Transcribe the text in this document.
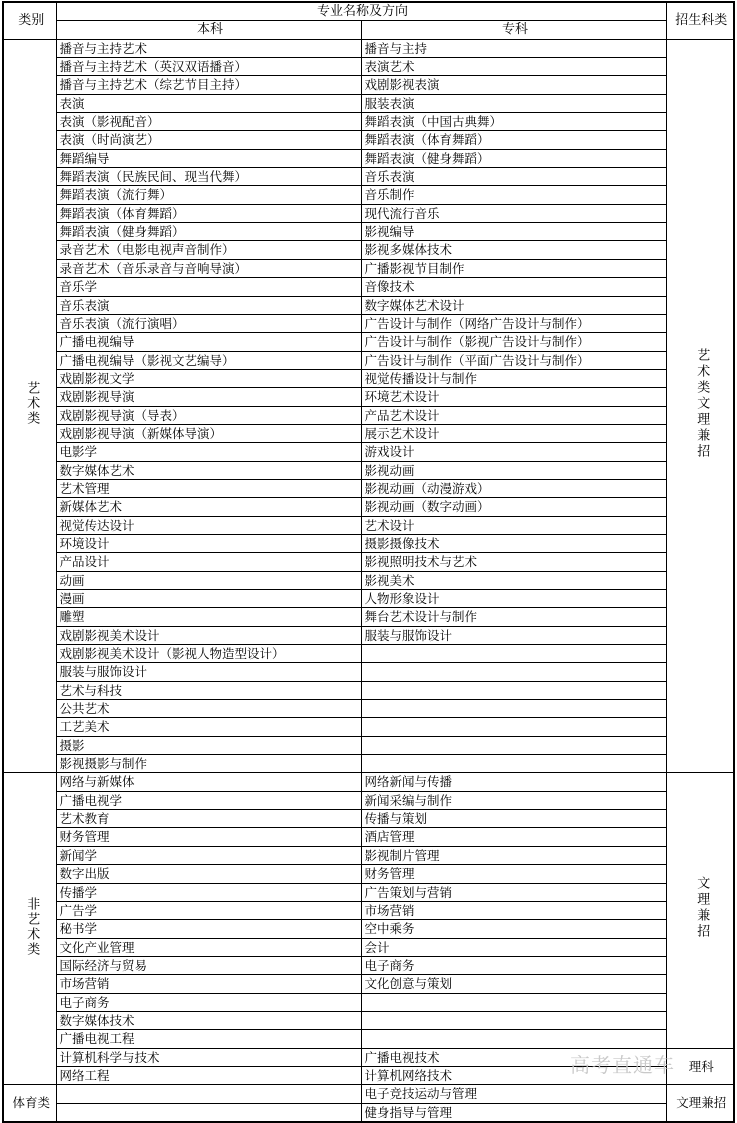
类别	专业名称及方向		招生科类
	本科	专科	
艺术类	播音与主持艺术	播音与主持	艺术类文理兼招
	播音与主持艺术（英汉双语播音）	表演艺术	
	播音与主持艺术（综艺节目主持）	戏剧影视表演	
	表演	服装表演	
	表演（影视配音）	舞蹈表演（中国古典舞）	
	表演（时尚演艺）	舞蹈表演（体育舞蹈）	
	舞蹈编导	舞蹈表演（健身舞蹈）	
	舞蹈表演（民族民间、现当代舞）	音乐表演	
	舞蹈表演（流行舞）	音乐制作	
	舞蹈表演（体育舞蹈）	现代流行音乐	
	舞蹈表演（健身舞蹈）	影视编导	
	录音艺术（电影电视声音制作）	影视多媒体技术	
	录音艺术（音乐录音与音响导演）	广播影视节目制作	
	音乐学	音像技术	
	音乐表演	数字媒体艺术设计	
	音乐表演（流行演唱）	广告设计与制作（网络广告设计与制作）	
	广播电视编导	广告设计与制作（影视广告设计与制作）	
	广播电视编导（影视文艺编导）	广告设计与制作（平面广告设计与制作）	
	戏剧影视文学	视觉传播设计与制作	
	戏剧影视导演	环境艺术设计	
	戏剧影视导演（导表）	产品艺术设计	
	戏剧影视导演（新媒体导演）	展示艺术设计	
	电影学	游戏设计	
	数字媒体艺术	影视动画	
	艺术管理	影视动画（动漫游戏）	
	新媒体艺术	影视动画（数字动画）	
	视觉传达设计	艺术设计	
	环境设计	摄影摄像技术	
	产品设计	影视照明技术与艺术	
	动画	影视美术	
	漫画	人物形象设计	
	雕塑	舞台艺术设计与制作	
	戏剧影视美术设计	服装与服饰设计	
	戏剧影视美术设计（影视人物造型设计）		
	服装与服饰设计		
	艺术与科技		
	公共艺术		
	工艺美术		
	摄影		
	影视摄影与制作		
非艺术类	网络与新媒体	网络新闻与传播	文理兼招
	广播电视学	新闻采编与制作	
	艺术教育	传播与策划	
	财务管理	酒店管理	
	新闻学	影视制片管理	
	数字出版	财务管理	
	传播学	广告策划与营销	
	广告学	市场营销	
	秘书学	空中乘务	
	文化产业管理	会计	
	国际经济与贸易	电子商务	
	市场营销	文化创意与策划	
	电子商务		
	数字媒体技术		
	广播电视工程		
	计算机科学与技术	广播电视技术	理科
	网络工程	计算机网络技术	
体育类		电子竞技运动与管理	文理兼招
		健身指导与管理	
高考直通车
